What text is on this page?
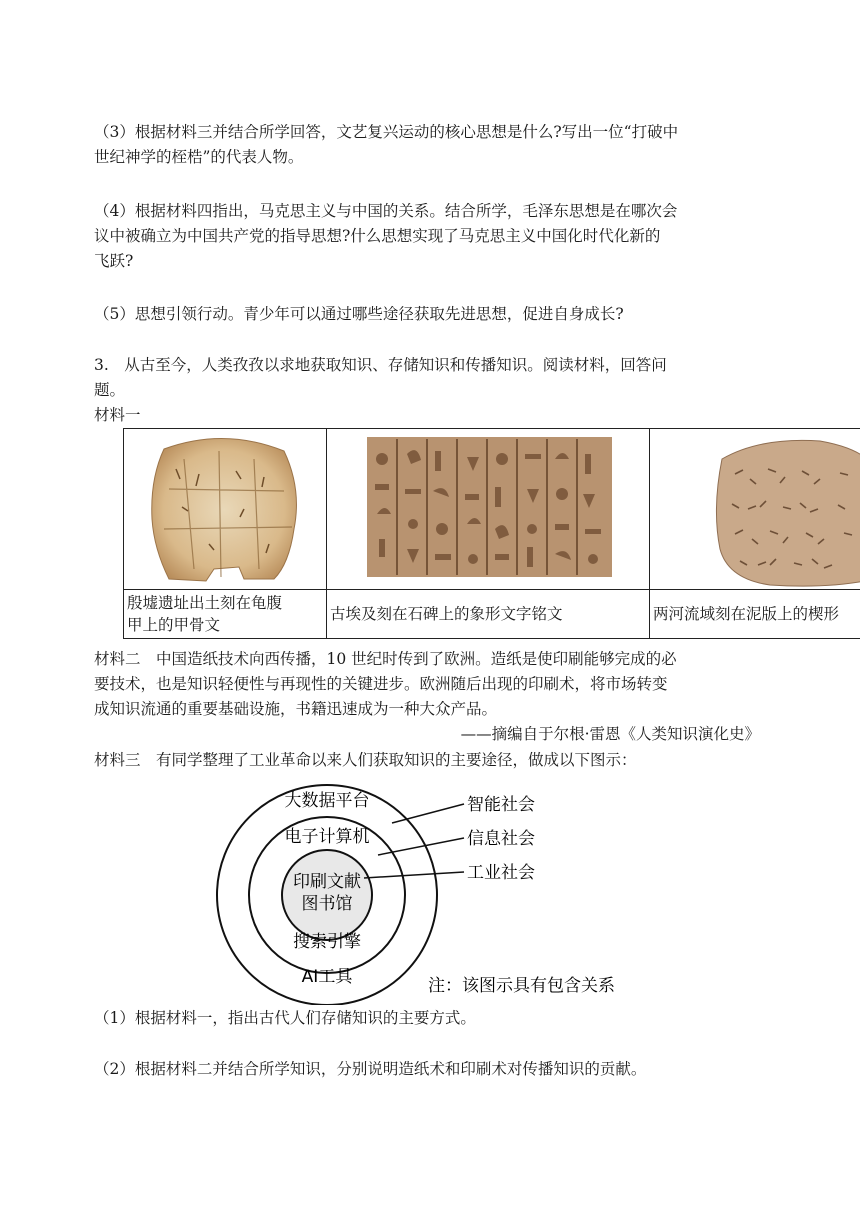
（3）根据材料三并结合所学回答，文艺复兴运动的核心思想是什么?写出一位“打破中
世纪神学的桎梏”的代表人物。
（4）根据材料四指出，马克思主义与中国的关系。结合所学，毛泽东思想是在哪次会
议中被确立为中国共产党的指导思想?什么思想实现了马克思主义中国化时代化新的
飞跃?
（5）思想引领行动。青少年可以通过哪些途径获取先进思想，促进自身成长?
3.　从古至今，人类孜孜以求地获取知识、存储知识和传播知识。阅读材料，回答问
题。
材料一

殷墟遗址出土刻在龟腹
甲上的甲骨文	古埃及刻在石碑上的象形文字铭文	两河流域刻在泥版上的楔形
材料二　中国造纸技术向西传播，10 世纪时传到了欧洲。造纸是使印刷能够完成的必
要技术，也是知识轻便性与再现性的关键进步。欧洲随后出现的印刷术，将市场转变
成知识流通的重要基础设施，书籍迅速成为一种大众产品。
——摘编自于尔根·雷恩《人类知识演化史》
材料三　有同学整理了工业革命以来人们获取知识的主要途径，做成以下图示：
大数据平台
电子计算机
印刷文献
图书馆
搜索引擎
AI工具
智能社会
信息社会
工业社会
注：该图示具有包含关系
（1）根据材料一，指出古代人们存储知识的主要方式。
（2）根据材料二并结合所学知识，分别说明造纸术和印刷术对传播知识的贡献。
